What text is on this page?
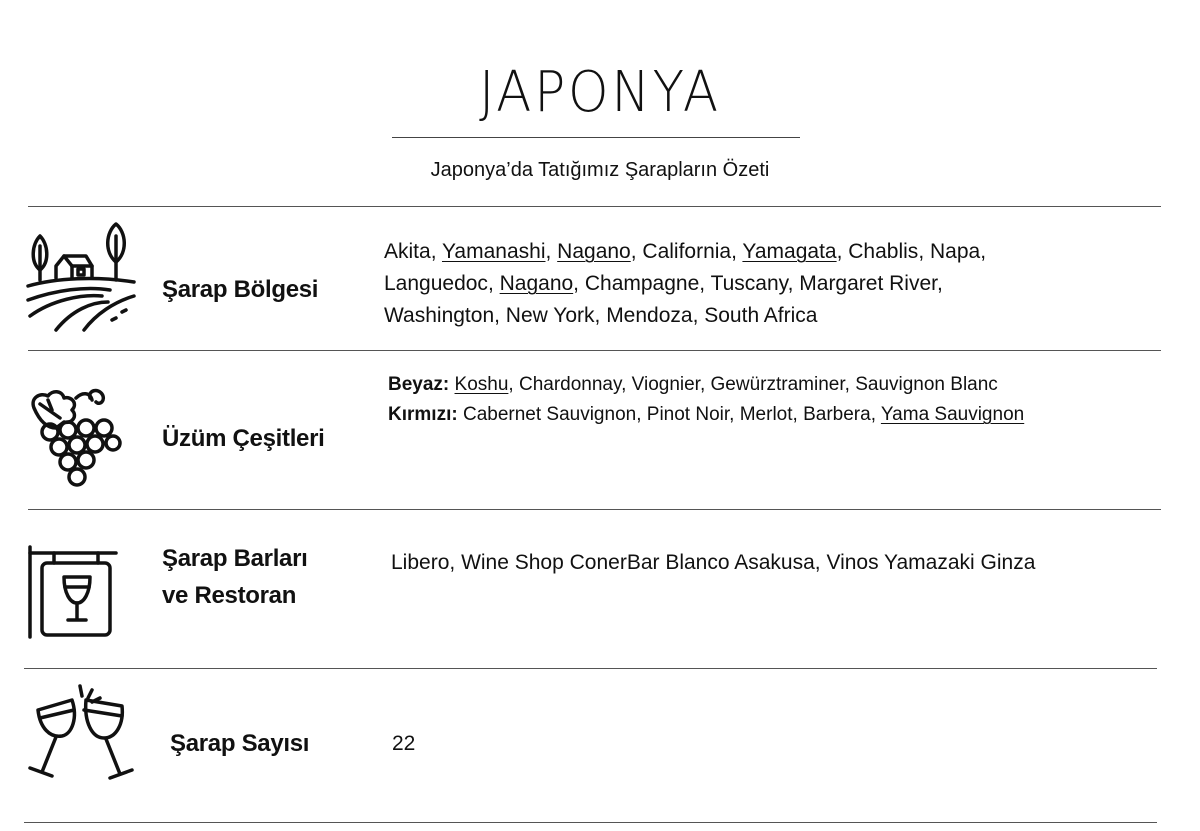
JAPONYA
Japonya’da Tatığımız Şarapların Özeti
Şarap Bölgesi
Akita, Yamanashi, Nagano, California, Yamagata, Chablis, Napa,
Languedoc, Nagano, Champagne, Tuscany, Margaret River,
Washington, New York, Mendoza, South Africa
Üzüm Çeşitleri
Beyaz: Koshu, Chardonnay, Viognier, Gewürztraminer, Sauvignon Blanc
Kırmızı: Cabernet Sauvignon, Pinot Noir, Merlot, Barbera, Yama Sauvignon
Şarap Barları
ve Restoran
Libero, Wine Shop ConerBar Blanco Asakusa, Vinos Yamazaki Ginza
Şarap Sayısı	22
